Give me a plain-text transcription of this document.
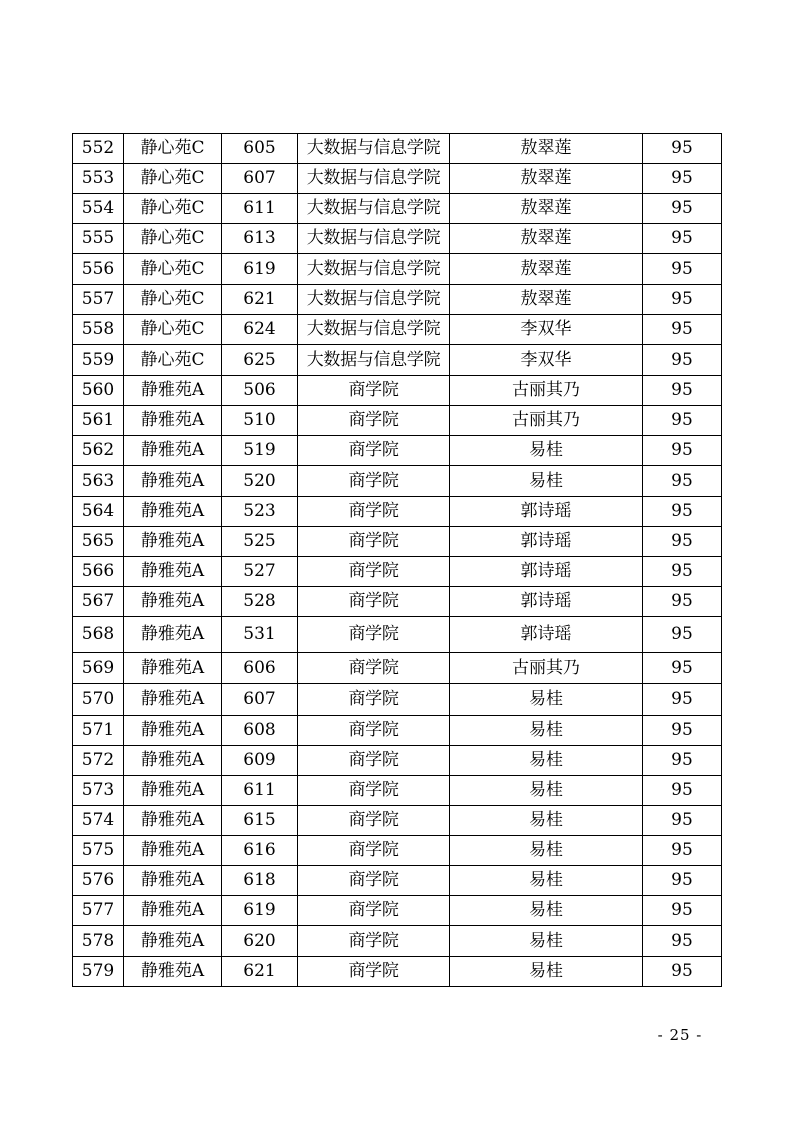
552	静心苑C	605	大数据与信息学院	敖翠莲	95
553	静心苑C	607	大数据与信息学院	敖翠莲	95
554	静心苑C	611	大数据与信息学院	敖翠莲	95
555	静心苑C	613	大数据与信息学院	敖翠莲	95
556	静心苑C	619	大数据与信息学院	敖翠莲	95
557	静心苑C	621	大数据与信息学院	敖翠莲	95
558	静心苑C	624	大数据与信息学院	李双华	95
559	静心苑C	625	大数据与信息学院	李双华	95
560	静雅苑A	506	商学院	古丽其乃	95
561	静雅苑A	510	商学院	古丽其乃	95
562	静雅苑A	519	商学院	易桂	95
563	静雅苑A	520	商学院	易桂	95
564	静雅苑A	523	商学院	郭诗瑶	95
565	静雅苑A	525	商学院	郭诗瑶	95
566	静雅苑A	527	商学院	郭诗瑶	95
567	静雅苑A	528	商学院	郭诗瑶	95
568	静雅苑A	531	商学院	郭诗瑶	95
569	静雅苑A	606	商学院	古丽其乃	95
570	静雅苑A	607	商学院	易桂	95
571	静雅苑A	608	商学院	易桂	95
572	静雅苑A	609	商学院	易桂	95
573	静雅苑A	611	商学院	易桂	95
574	静雅苑A	615	商学院	易桂	95
575	静雅苑A	616	商学院	易桂	95
576	静雅苑A	618	商学院	易桂	95
577	静雅苑A	619	商学院	易桂	95
578	静雅苑A	620	商学院	易桂	95
579	静雅苑A	621	商学院	易桂	95
- 25 -
